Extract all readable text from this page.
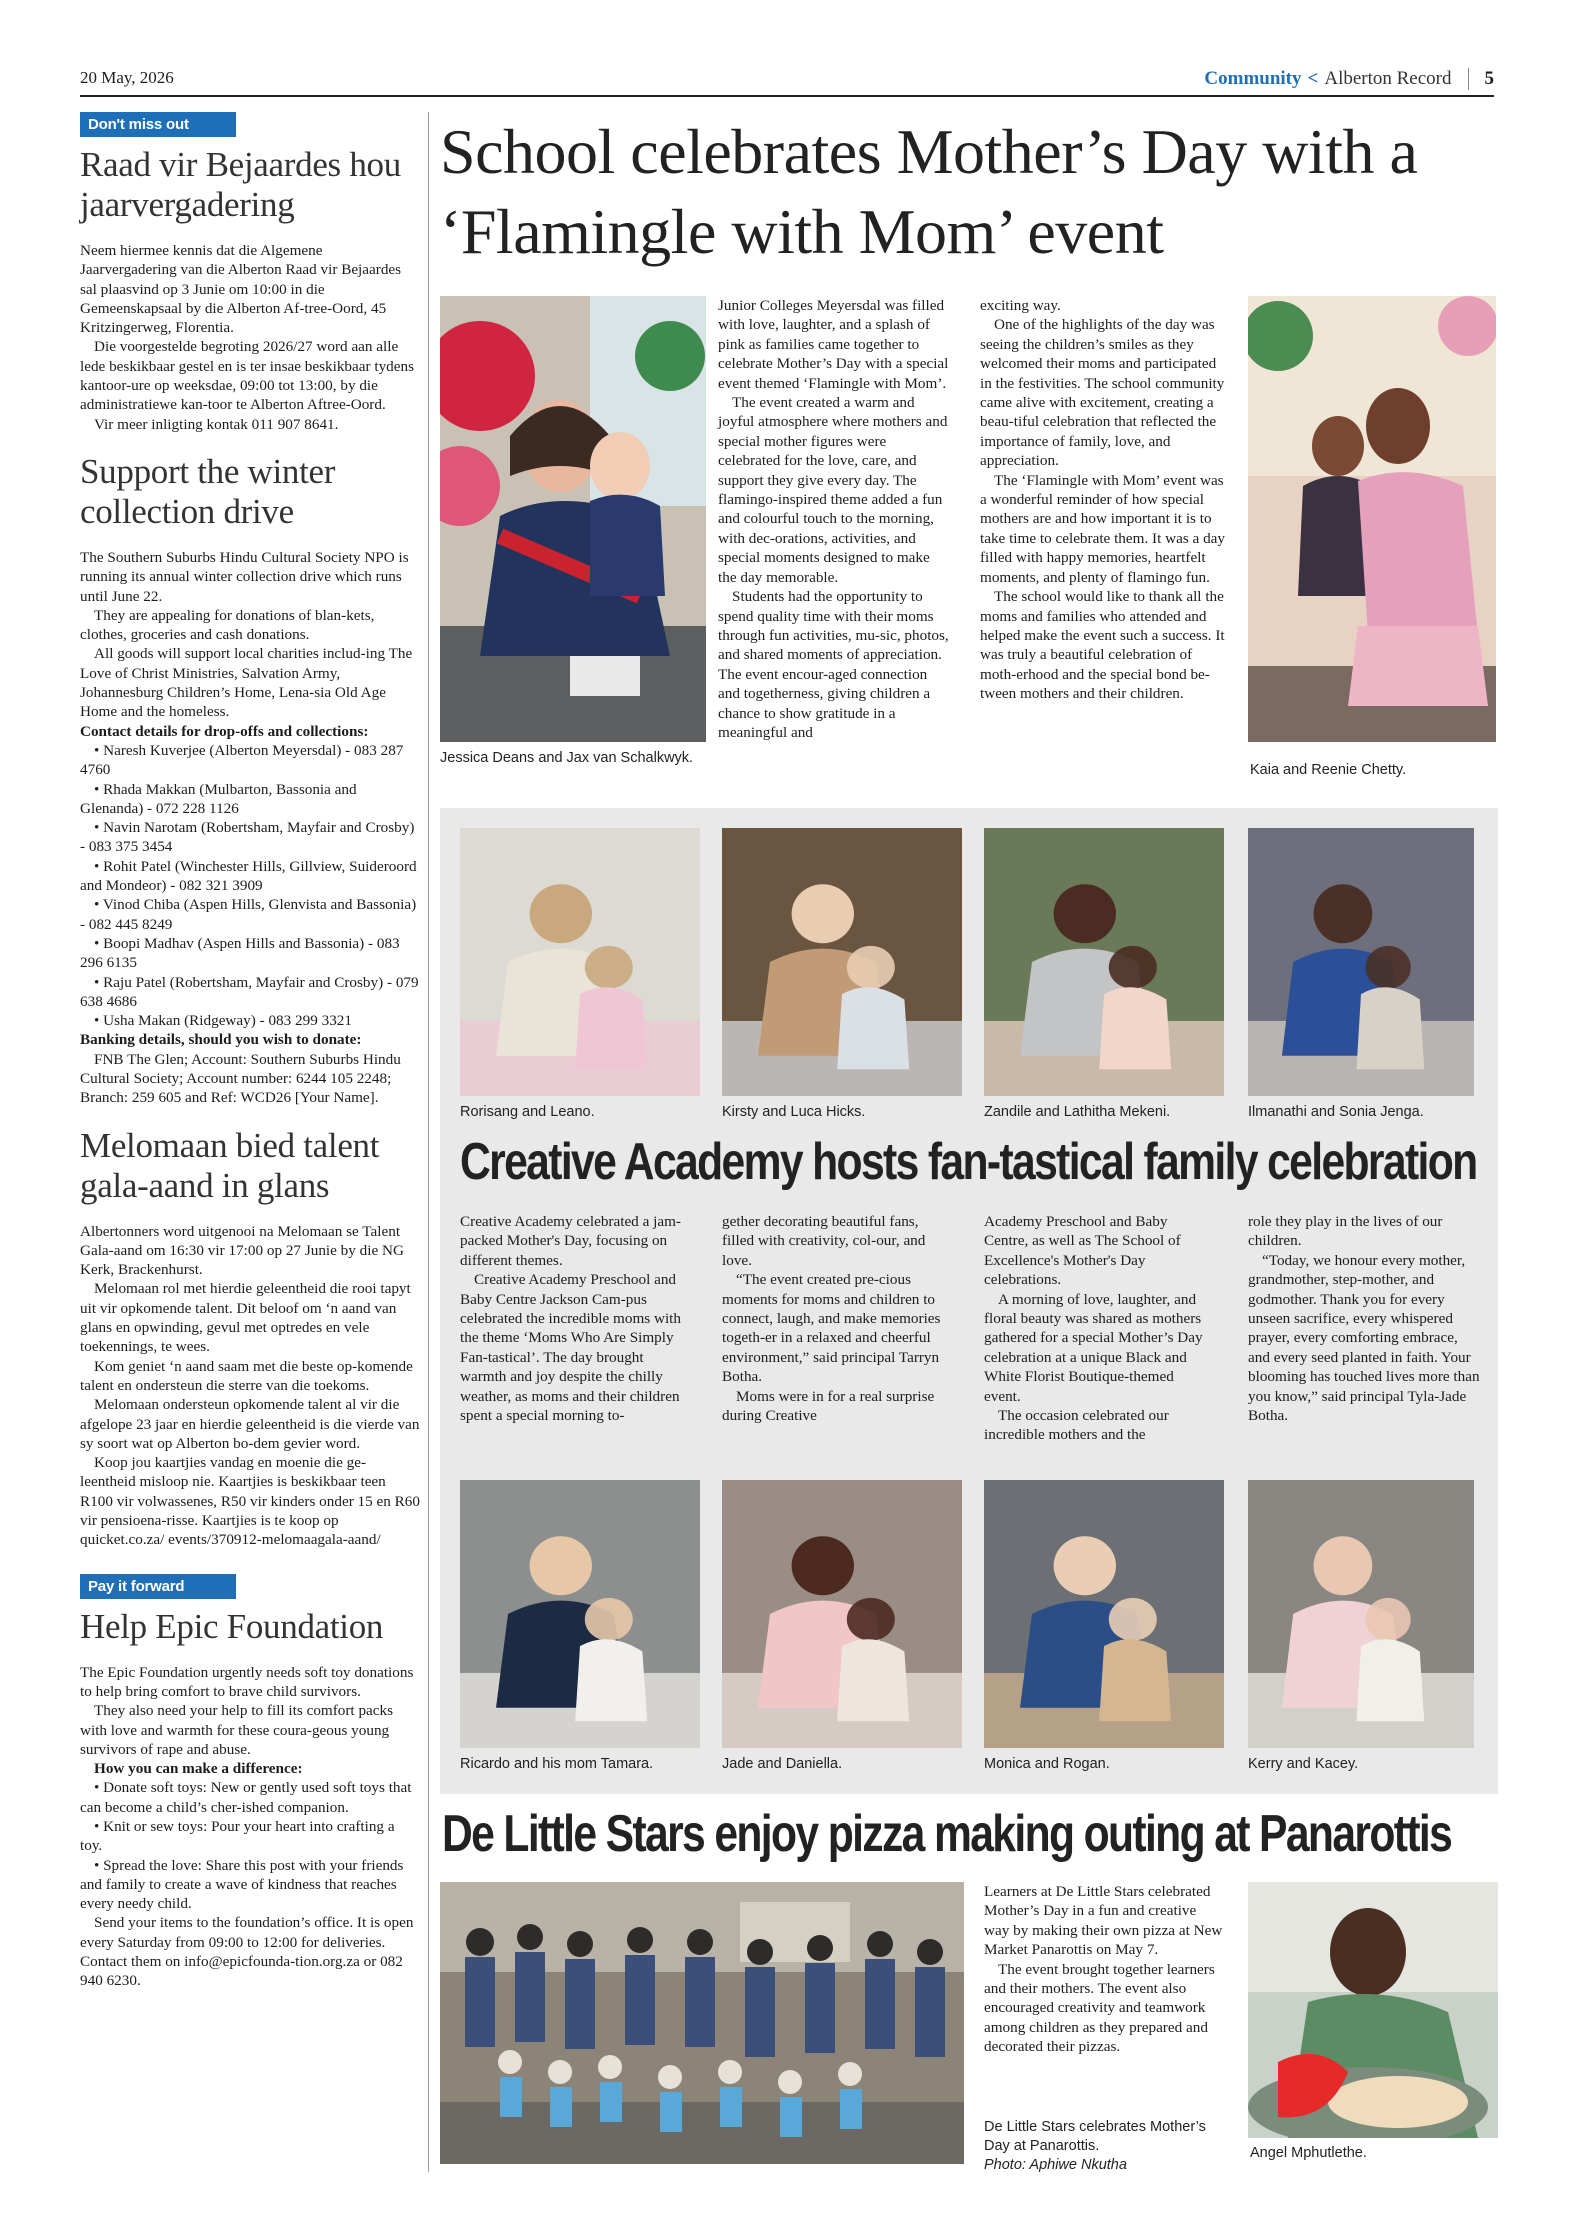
20 May, 2026	Community < Alberton Record 5
Don't miss out
Raad vir Bejaardes hou jaarvergadering

Neem hiermee kennis dat die Algemene Jaarvergadering van die Alberton Raad vir Bejaardes sal plaasvind op 3 Junie om 10:00 in die Gemeenskapsaal by die Alberton Af-tree-Oord, 45 Kritzingerweg, Florentia.

Die voorgestelde begroting 2026/27 word aan alle lede beskikbaar gestel en is ter insae beskikbaar tydens kantoor-ure op weeksdae, 09:00 tot 13:00, by die administratiewe kan-toor te Alberton Aftree-Oord.

Vir meer inligting kontak 011 907 8641.

Support the winter collection drive

The Southern Suburbs Hindu Cultural Society NPO is running its annual winter collection drive which runs until June 22.

They are appealing for donations of blan-kets, clothes, groceries and cash donations.

All goods will support local charities includ-ing The Love of Christ Ministries, Salvation Army, Johannesburg Children’s Home, Lena-sia Old Age Home and the homeless.

Contact details for drop-offs and collections:

• Naresh Kuverjee (Alberton Meyersdal) - 083 287 4760

• Rhada Makkan (Mulbarton, Bassonia and Glenanda) - 072 228 1126

• Navin Narotam (Robertsham, Mayfair and Crosby) - 083 375 3454

• Rohit Patel (Winchester Hills, Gillview, Suideroord and Mondeor) - 082 321 3909

• Vinod Chiba (Aspen Hills, Glenvista and Bassonia) - 082 445 8249

• Boopi Madhav (Aspen Hills and Bassonia) - 083 296 6135

• Raju Patel (Robertsham, Mayfair and Crosby) - 079 638 4686

• Usha Makan (Ridgeway) - 083 299 3321

Banking details, should you wish to donate:

FNB The Glen; Account: Southern Suburbs Hindu Cultural Society; Account number: 6244 105 2248; Branch: 259 605 and Ref: WCD26 [Your Name].

Melomaan bied talent gala-aand in glans

Albertonners word uitgenooi na Melomaan se Talent Gala-aand om 16:30 vir 17:00 op 27 Junie by die NG Kerk, Brackenhurst.

Melomaan rol met hierdie geleentheid die rooi tapyt uit vir opkomende talent. Dit beloof om ‘n aand van glans en opwinding, gevul met optredes en vele toekennings, te wees.

Kom geniet ‘n aand saam met die beste op-komende talent en ondersteun die sterre van die toekoms.

Melomaan ondersteun opkomende talent al vir die afgelope 23 jaar en hierdie geleentheid is die vierde van sy soort wat op Alberton bo-dem gevier word.

Koop jou kaartjies vandag en moenie die ge-leentheid misloop nie. Kaartjies is beskikbaar teen R100 vir volwassenes, R50 vir kinders onder 15 en R60 vir pensioena-risse. Kaartjies is te koop op quicket.co.za/ events/370912-melomaagala-aand/

Pay it forward
Help Epic Foundation

The Epic Foundation urgently needs soft toy donations to help bring comfort to brave child survivors.

They also need your help to fill its comfort packs with love and warmth for these coura-geous young survivors of rape and abuse.

How you can make a difference:

• Donate soft toys: New or gently used soft toys that can become a child’s cher-ished companion.

• Knit or sew toys: Pour your heart into crafting a toy.

• Spread the love: Share this post with your friends and family to create a wave of kindness that reaches every needy child.

Send your items to the foundation’s office. It is open every Saturday from 09:00 to 12:00 for deliveries. Contact them on info@epicfounda-tion.org.za or 082 940 6230.

School celebrates Mother’s Day with a ‘Flamingle with Mom’ event
Jessica Deans and Jax van Schalkwyk.

Junior Colleges Meyersdal was filled with love, laughter, and a splash of pink as families came together to celebrate Mother’s Day with a special event themed ‘Flamingle with Mom’.

The event created a warm and joyful atmosphere where mothers and special mother figures were celebrated for the love, care, and support they give every day. The flamingo-inspired theme added a fun and colourful touch to the morning, with dec-orations, activities, and special moments designed to make the day memorable.

Students had the opportunity to spend quality time with their moms through fun activities, mu-sic, photos, and shared moments of appreciation. The event encour-aged connection and togetherness, giving children a chance to show gratitude in a meaningful and

exciting way.

One of the highlights of the day was seeing the children’s smiles as they welcomed their moms and participated in the festivities. The school community came alive with excitement, creating a beau-tiful celebration that reflected the importance of family, love, and appreciation.

The ‘Flamingle with Mom’ event was a wonderful reminder of how special mothers are and how important it is to take time to celebrate them. It was a day filled with happy memories, heartfelt moments, and plenty of flamingo fun.

The school would like to thank all the moms and families who attended and helped make the event such a success. It was truly a beautiful celebration of moth-erhood and the special bond be-tween mothers and their children.

Kaia and Reenie Chetty.
Rorisang and Leano.	Kirsty and Luca Hicks.	Zandile and Lathitha Mekeni.	Ilmanathi and Sonia Jenga.
Creative Academy hosts fan-tastical family celebration

Creative Academy celebrated a jam-packed Mother's Day, focusing on different themes.

Creative Academy Preschool and Baby Centre Jackson Cam-pus celebrated the incredible moms with the theme ‘Moms Who Are Simply Fan-tastical’. The day brought warmth and joy despite the chilly weather, as moms and their children spent a special morning to-

gether decorating beautiful fans, filled with creativity, col-our, and love.

“The event created pre-cious moments for moms and children to connect, laugh, and make memories togeth-er in a relaxed and cheerful environment,” said principal Tarryn Botha.

Moms were in for a real surprise during Creative

Academy Preschool and Baby Centre, as well as The School of Excellence's Mother's Day celebrations.

A morning of love, laughter, and floral beauty was shared as mothers gathered for a special Mother’s Day celebration at a unique Black and White Florist Boutique-themed event.

The occasion celebrated our incredible mothers and the

role they play in the lives of our children.

“Today, we honour every mother, grandmother, step-mother, and godmother. Thank you for every unseen sacrifice, every whispered prayer, every comforting embrace, and every seed planted in faith. Your blooming has touched lives more than you know,” said principal Tyla-Jade Botha.

Ricardo and his mom Tamara.	Jade and Daniella.	Monica and Rogan.	Kerry and Kacey.
De Little Stars enjoy pizza making outing at Panarottis

Learners at De Little Stars celebrated Mother’s Day in a fun and creative way by making their own pizza at New Market Panarottis on May 7.

The event brought together learners and their mothers. The event also encouraged creativity and teamwork among children as they prepared and decorated their pizzas.

De Little Stars celebrates Mother’s Day at Panarottis.
Photo: Aphiwe Nkutha
Angel Mphutlethe.
